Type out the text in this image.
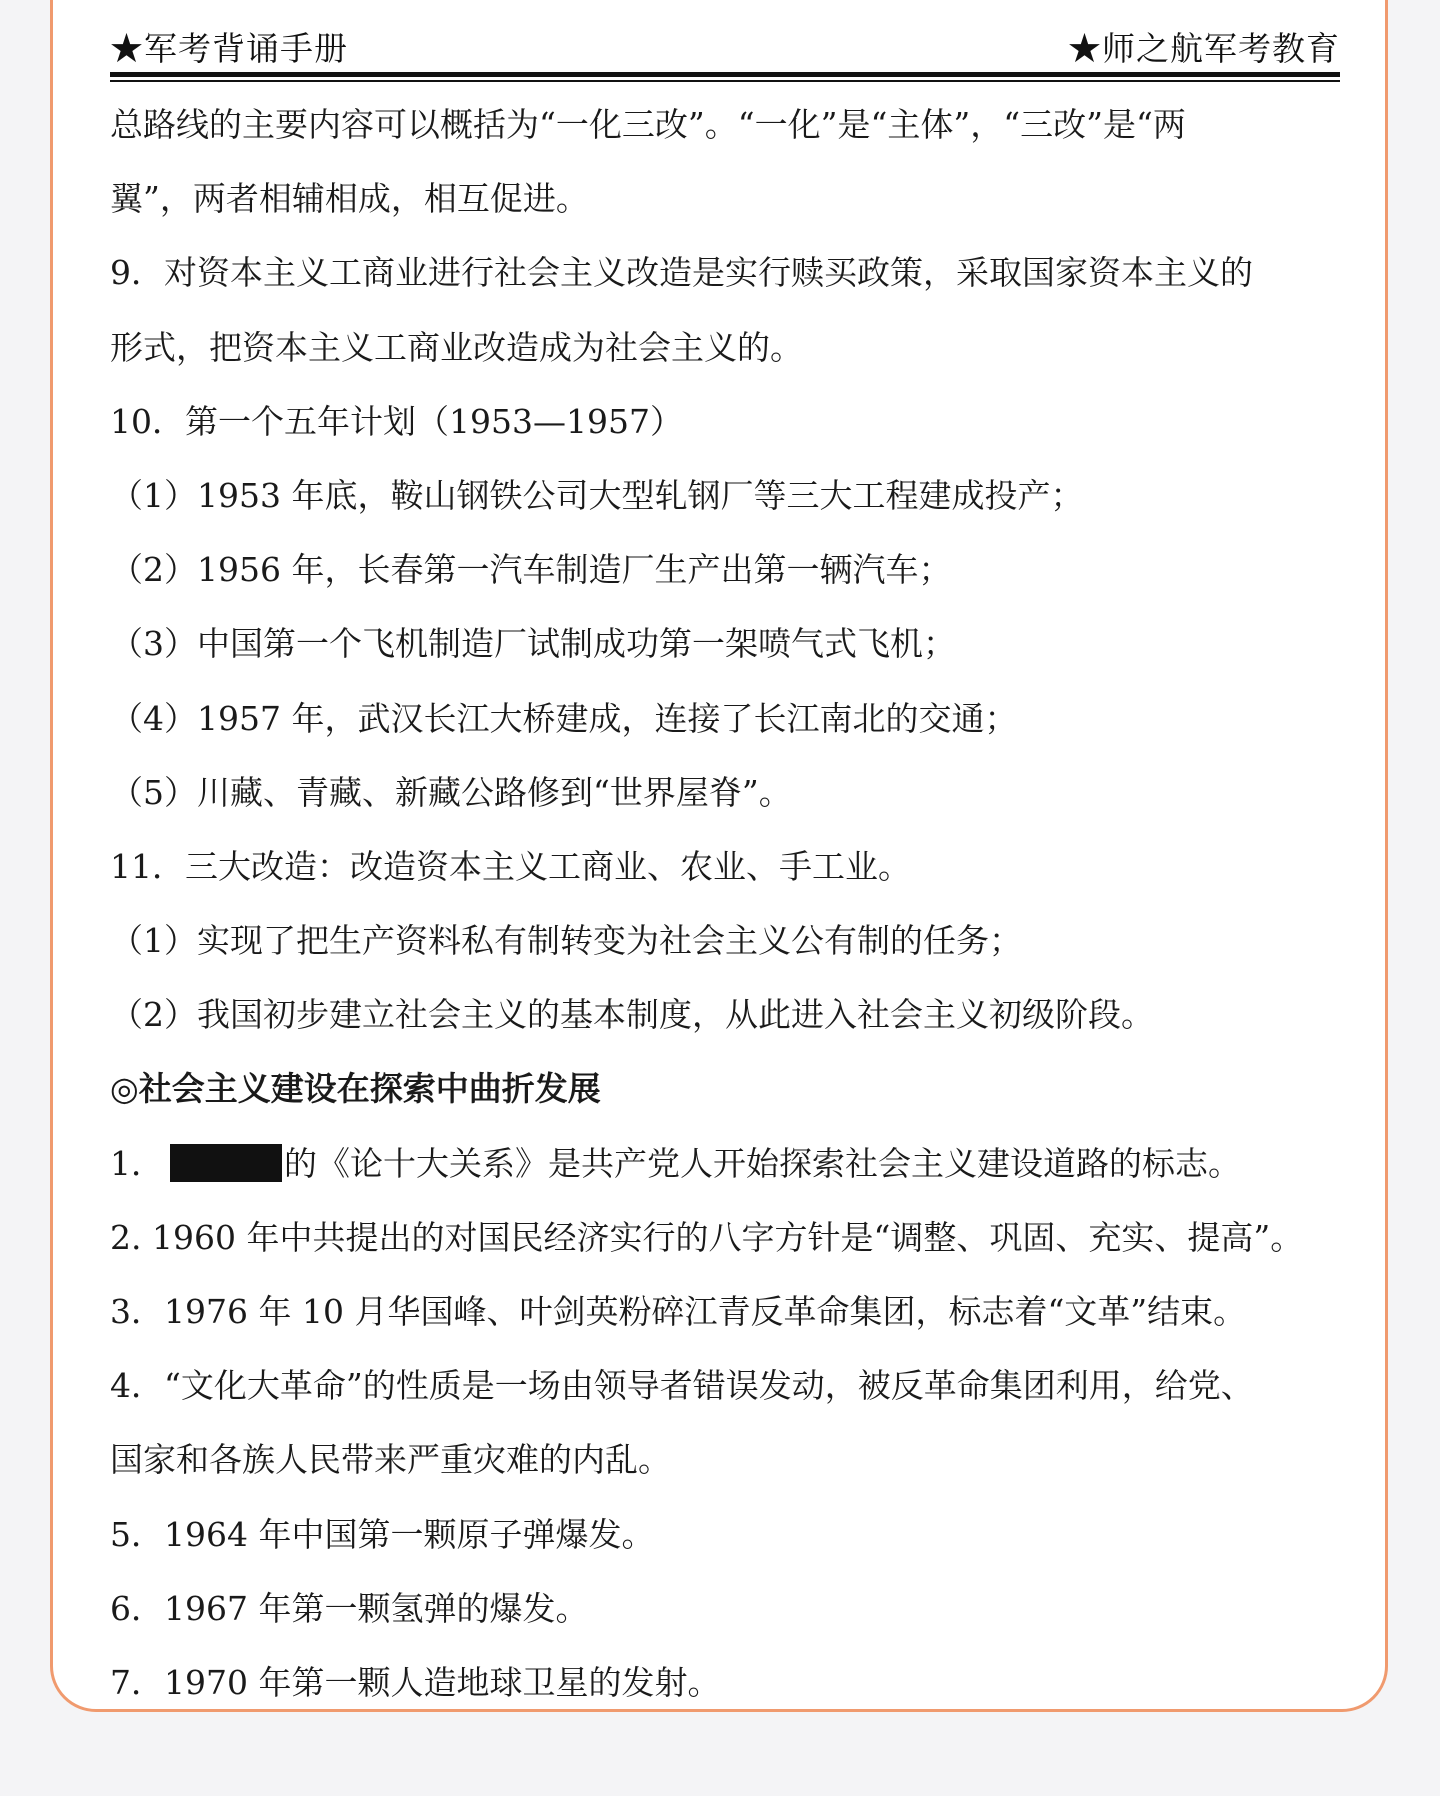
★军考背诵手册	★师之航军考教育
总路线的主要内容可以概括为“一化三改”。“一化”是“主体”，“三改”是“两
翼”，两者相辅相成，相互促进。
9．对资本主义工商业进行社会主义改造是实行赎买政策，采取国家资本主义的
形式，把资本主义工商业改造成为社会主义的。
10．第一个五年计划（1953—1957）
（1）1953 年底，鞍山钢铁公司大型轧钢厂等三大工程建成投产；
（2）1956 年，长春第一汽车制造厂生产出第一辆汽车；
（3）中国第一个飞机制造厂试制成功第一架喷气式飞机；
（4）1957 年，武汉长江大桥建成，连接了长江南北的交通；
（5）川藏、青藏、新藏公路修到“世界屋脊”。
11．三大改造：改造资本主义工商业、农业、手工业。
（1）实现了把生产资料私有制转变为社会主义公有制的任务；
（2）我国初步建立社会主义的基本制度，从此进入社会主义初级阶段。
◎社会主义建设在探索中曲折发展
1．	的《论十大关系》是共产党人开始探索社会主义建设道路的标志。
2. 1960 年中共提出的对国民经济实行的八字方针是“调整、巩固、充实、提高”。
3．1976 年 10 月华国峰、叶剑英粉碎江青反革命集团，标志着“文革”结束。
4．“文化大革命”的性质是一场由领导者错误发动，被反革命集团利用，给党、
国家和各族人民带来严重灾难的内乱。
5．1964 年中国第一颗原子弹爆发。
6．1967 年第一颗氢弹的爆发。
7．1970 年第一颗人造地球卫星的发射。
